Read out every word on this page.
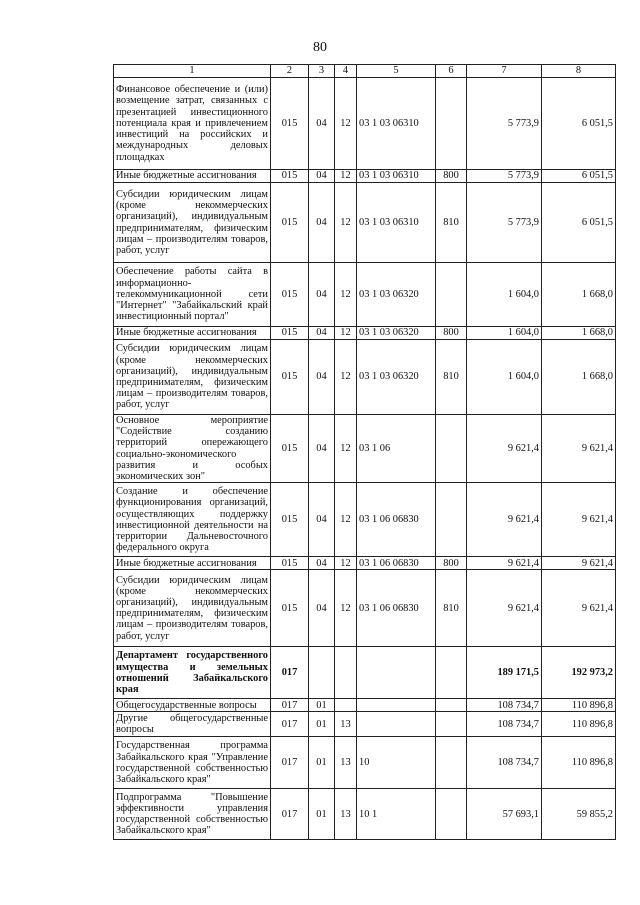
80
1	2	3	4	5	6	7	8
Финансовое обеспечение и (или) возмещение затрат, связанных с презентацией инвестиционного потенциала края и привлечением инвестиций на российских и международных деловых площадках	015	04	12	03 1 03 06310		5 773,9	6 051,5
Иные бюджетные ассигнования	015	04	12	03 1 03 06310	800	5 773,9	6 051,5
Субсидии юридическим лицам (кроме некоммерческих организаций), индивидуальным предпринимателям, физическим лицам – производителям товаров, работ, услуг	015	04	12	03 1 03 06310	810	5 773,9	6 051,5
Обеспечение работы сайта в информационно-телекоммуникационной сети "Интернет" "Забайкальский край инвестиционный портал"	015	04	12	03 1 03 06320		1 604,0	1 668,0
Иные бюджетные ассигнования	015	04	12	03 1 03 06320	800	1 604,0	1 668,0
Субсидии юридическим лицам (кроме некоммерческих организаций), индивидуальным предпринимателям, физическим лицам – производителям товаров, работ, услуг	015	04	12	03 1 03 06320	810	1 604,0	1 668,0
Основное мероприятие "Содействие созданию территорий опережающего социально-экономического развития и особых экономических зон"	015	04	12	03 1 06		9 621,4	9 621,4
Создание и обеспечение функционирования организаций, осуществляющих поддержку инвестиционной деятельности на территории Дальневосточного федерального округа	015	04	12	03 1 06 06830		9 621,4	9 621,4
Иные бюджетные ассигнования	015	04	12	03 1 06 06830	800	9 621,4	9 621,4
Субсидии юридическим лицам (кроме некоммерческих организаций), индивидуальным предпринимателям, физическим лицам – производителям товаров, работ, услуг	015	04	12	03 1 06 06830	810	9 621,4	9 621,4
Департамент государственного имущества и земельных отношений Забайкальского края	017					189 171,5	192 973,2
Общегосударственные вопросы	017	01				108 734,7	110 896,8
Другие общегосударственные вопросы	017	01	13			108 734,7	110 896,8
Государственная программа Забайкальского края "Управление государственной собственностью Забайкальского края"	017	01	13	10		108 734,7	110 896,8
Подпрограмма "Повышение эффективности управления государственной собственностью Забайкальского края"	017	01	13	10 1		57 693,1	59 855,2
